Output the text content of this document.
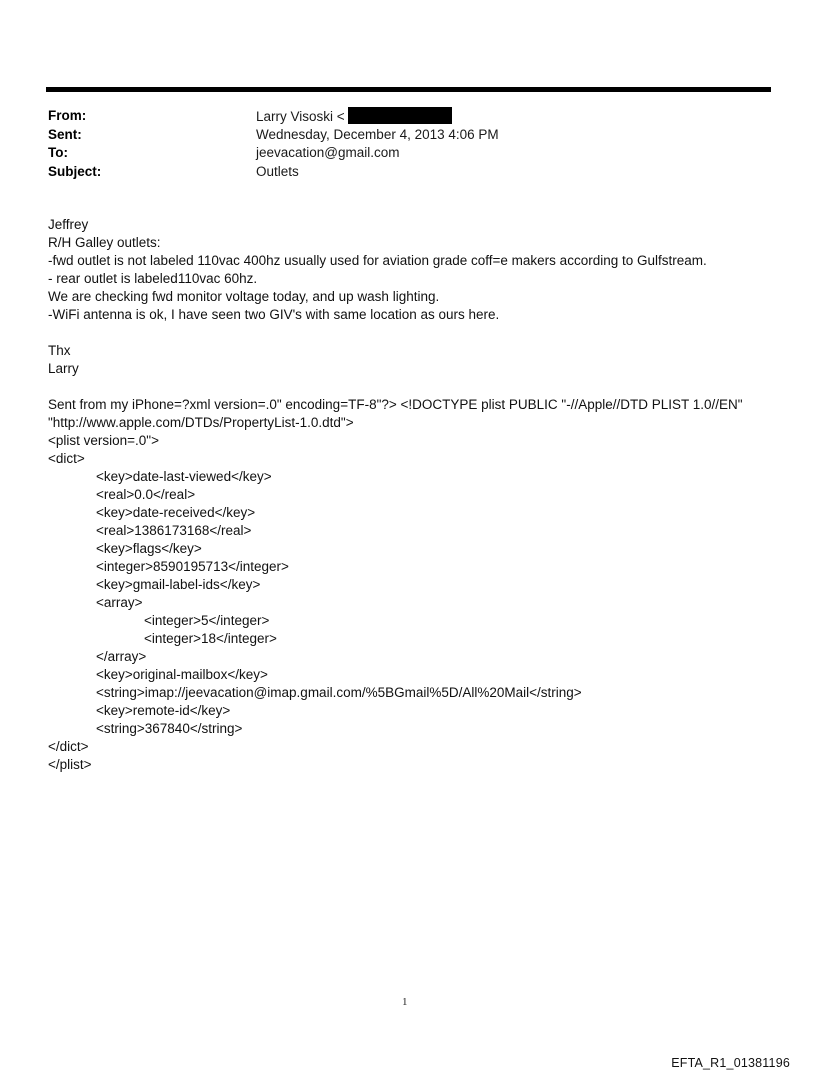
From:	Larry Visoski <
Sent:	Wednesday, December 4, 2013 4:06 PM
To:	jeevacation@gmail.com
Subject:	Outlets
Jeffrey
R/H Galley outlets:
-fwd outlet is not labeled 110vac 400hz usually used for aviation grade coff=e makers according to Gulfstream.
- rear outlet is labeled110vac 60hz.
We are checking fwd monitor voltage today, and up wash lighting.
-WiFi antenna is ok, I have seen two GIV's with same location as ours here.
Thx
Larry
Sent from my iPhone=?xml version=.0" encoding=TF-8"?> <!DOCTYPE plist PUBLIC "-//Apple//DTD PLIST 1.0//EN" "http://www.apple.com/DTDs/PropertyList-1.0.dtd">
<plist version=.0">
<dict>
<key>date-last-viewed</key>
<real>0.0</real>
<key>date-received</key>
<real>1386173168</real>
<key>flags</key>
<integer>8590195713</integer>
<key>gmail-label-ids</key>
<array>
<integer>5</integer>
<integer>18</integer>
</array>
<key>original-mailbox</key>
<string>imap://jeevacation@imap.gmail.com/%5BGmail%5D/All%20Mail</string>
<key>remote-id</key>
<string>367840</string>
</dict>
</plist>
1
EFTA_R1_01381196
